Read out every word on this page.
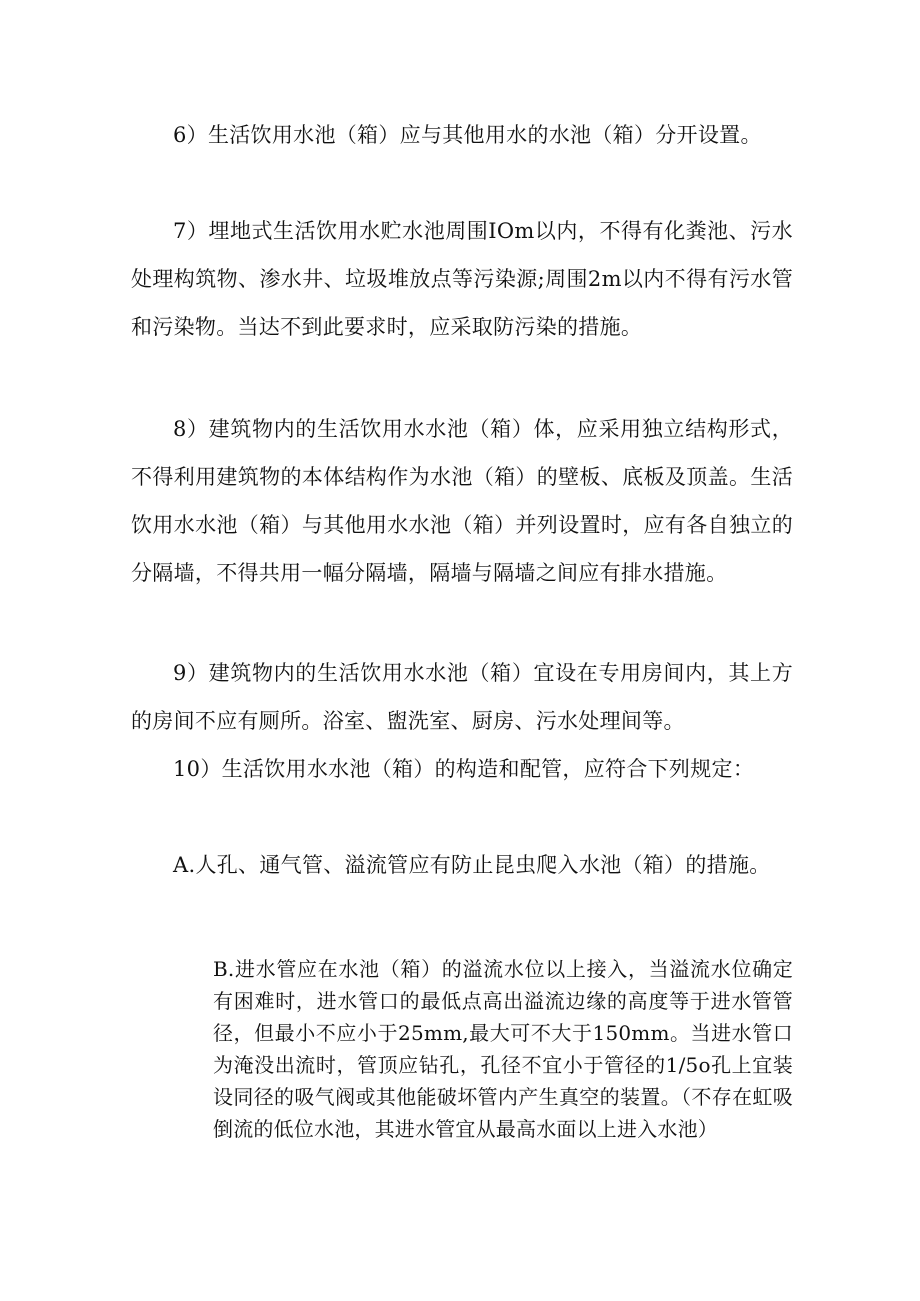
6）生活饮用水池（箱）应与其他用水的水池（箱）分开设置。

7）埋地式生活饮用水贮水池周围IOm以内，不得有化粪池、污水处理构筑物、渗水井、垃圾堆放点等污染源;周围2m以内不得有污水管和污染物。当达不到此要求时，应采取防污染的措施。

8）建筑物内的生活饮用水水池（箱）体，应采用独立结构形式，不得利用建筑物的本体结构作为水池（箱）的壁板、底板及顶盖。生活饮用水水池（箱）与其他用水水池（箱）并列设置时，应有各自独立的分隔墙，不得共用一幅分隔墙，隔墙与隔墙之间应有排水措施。

9）建筑物内的生活饮用水水池（箱）宜设在专用房间内，其上方的房间不应有厕所。浴室、盥洗室、厨房、污水处理间等。

10）生活饮用水水池（箱）的构造和配管，应符合下列规定：

A.人孔、通气管、溢流管应有防止昆虫爬入水池（箱）的措施。

B.进水管应在水池（箱）的溢流水位以上接入，当溢流水位确定有困难时，进水管口的最低点高出溢流边缘的高度等于进水管管径，但最小不应小于25mm,最大可不大于150mm。当进水管口为淹没出流时，管顶应钻孔，孔径不宜小于管径的1/5o孔上宜装设同径的吸气阀或其他能破坏管内产生真空的装置。（不存在虹吸倒流的低位水池，其进水管宜从最高水面以上进入水池）
